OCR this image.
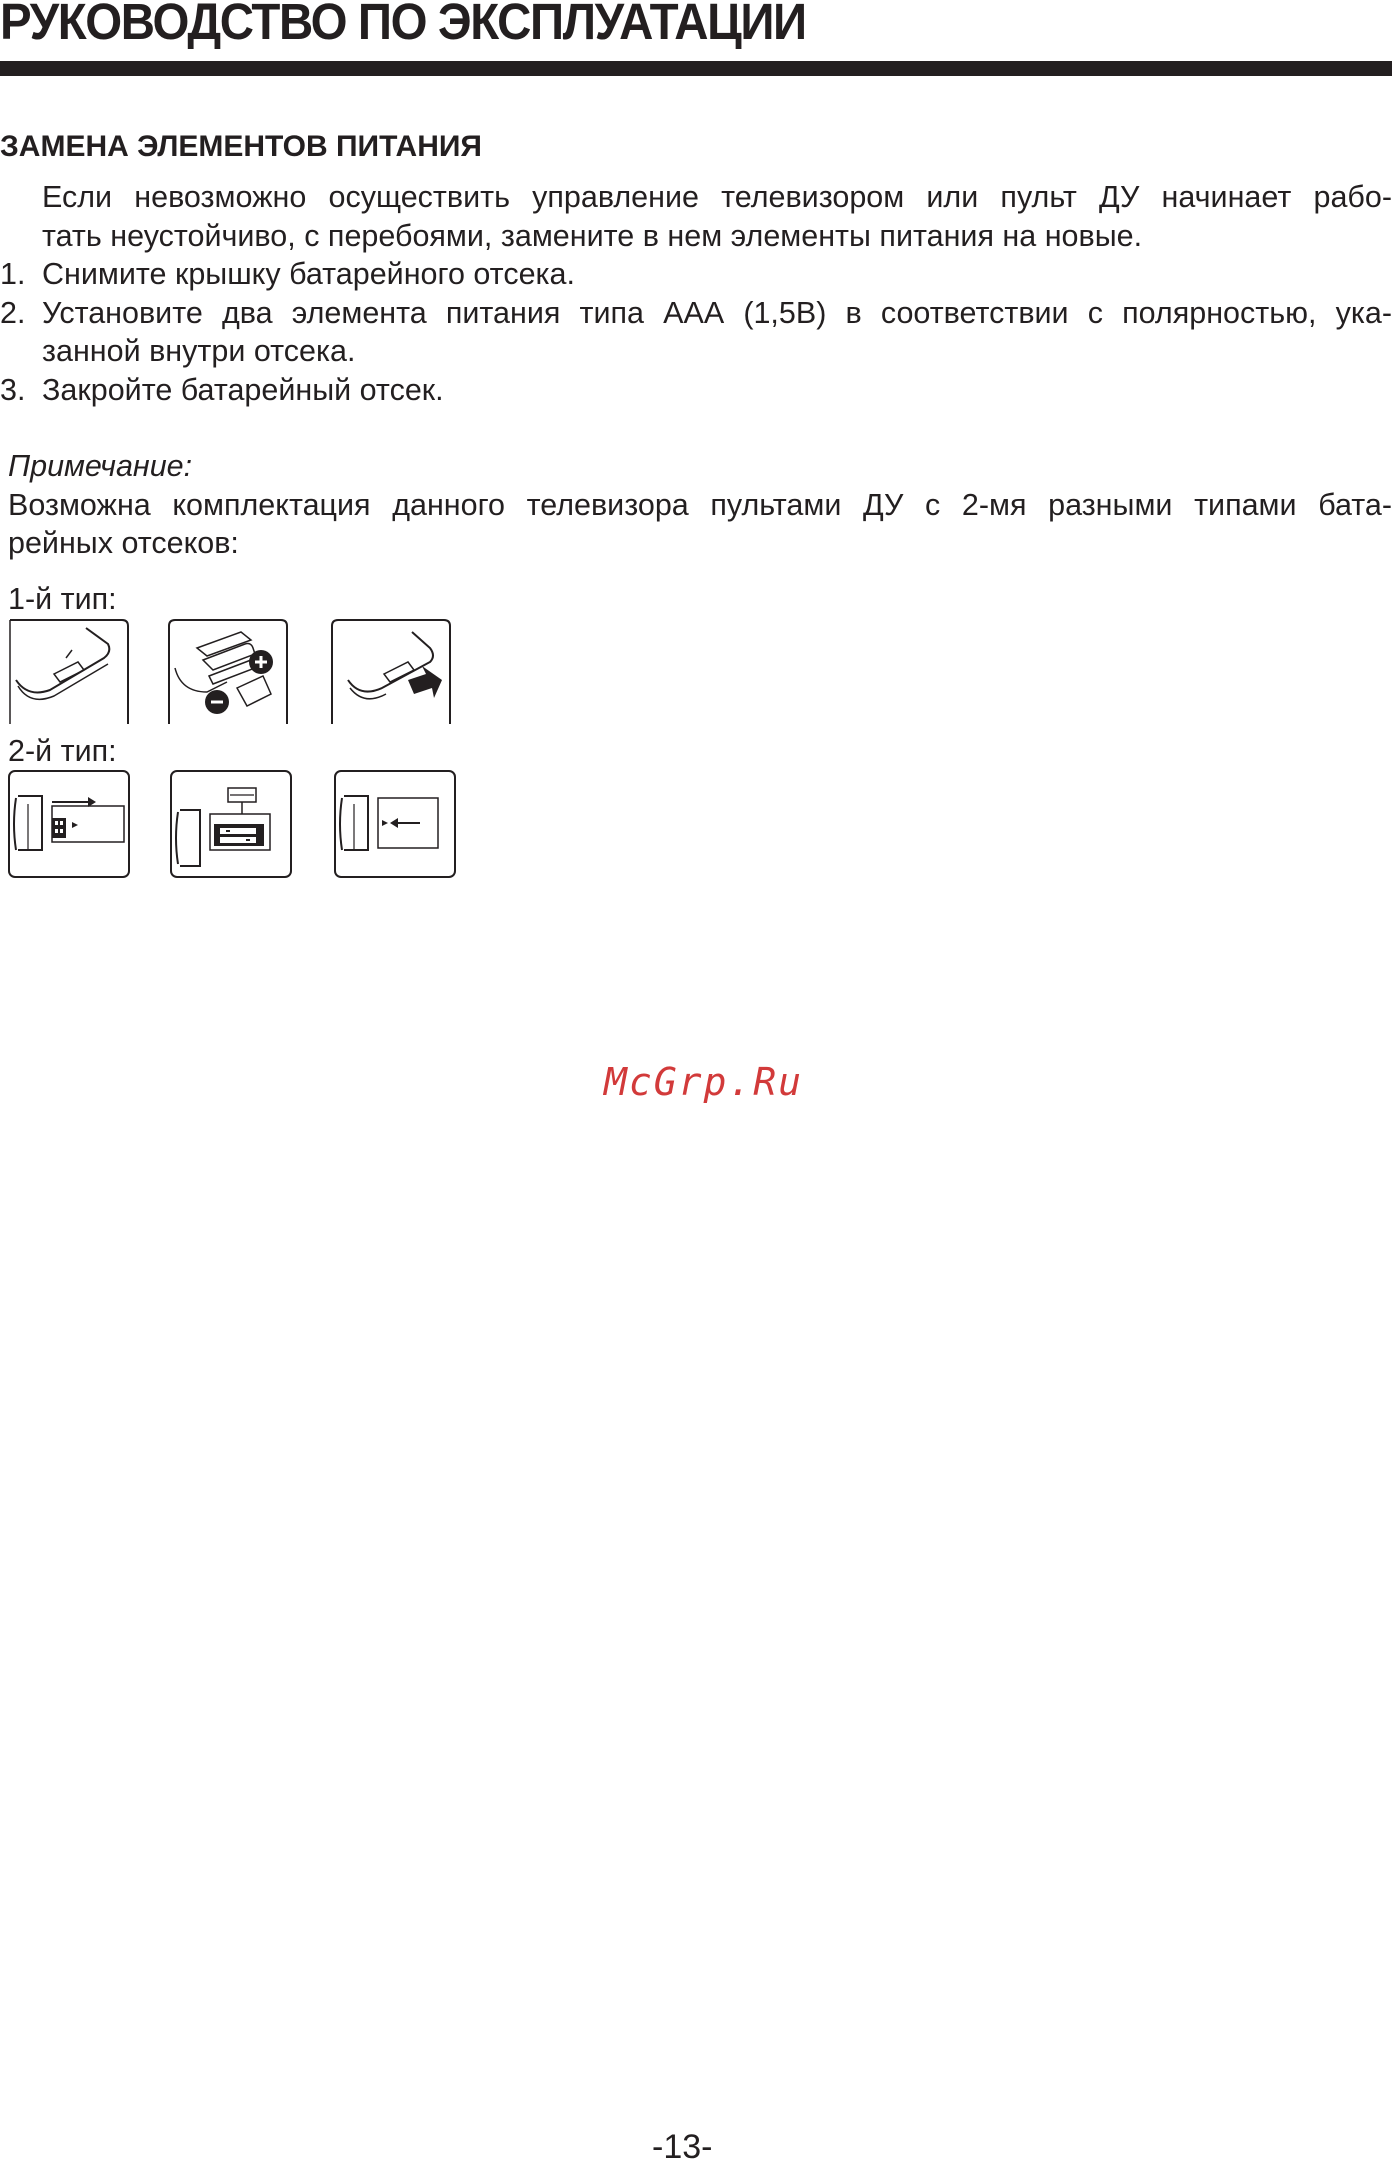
РУКОВОДСТВО ПО ЭКСПЛУАТАЦИИ
ЗАМЕНА ЭЛЕМЕНТОВ ПИТАНИЯ

Если невозможно осуществить управление телевизором или пульт ДУ начинает рабо-
тать неустойчиво, с перебоями, замените в нем элементы питания на новые.

1. Снимите крышку батарейного отсека.
2. Установите два элемента питания типа ААА (1,5В) в соответствии с полярностью, ука-
занной внутри отсека.
3. Закройте батарейный отсек.

Примечание:

Возможна комплектация данного телевизора пультами ДУ с 2-мя разными типами бата-
рейных отсеков:

1-й тип:

2-й тип:

McGrp.Ru

-13-
